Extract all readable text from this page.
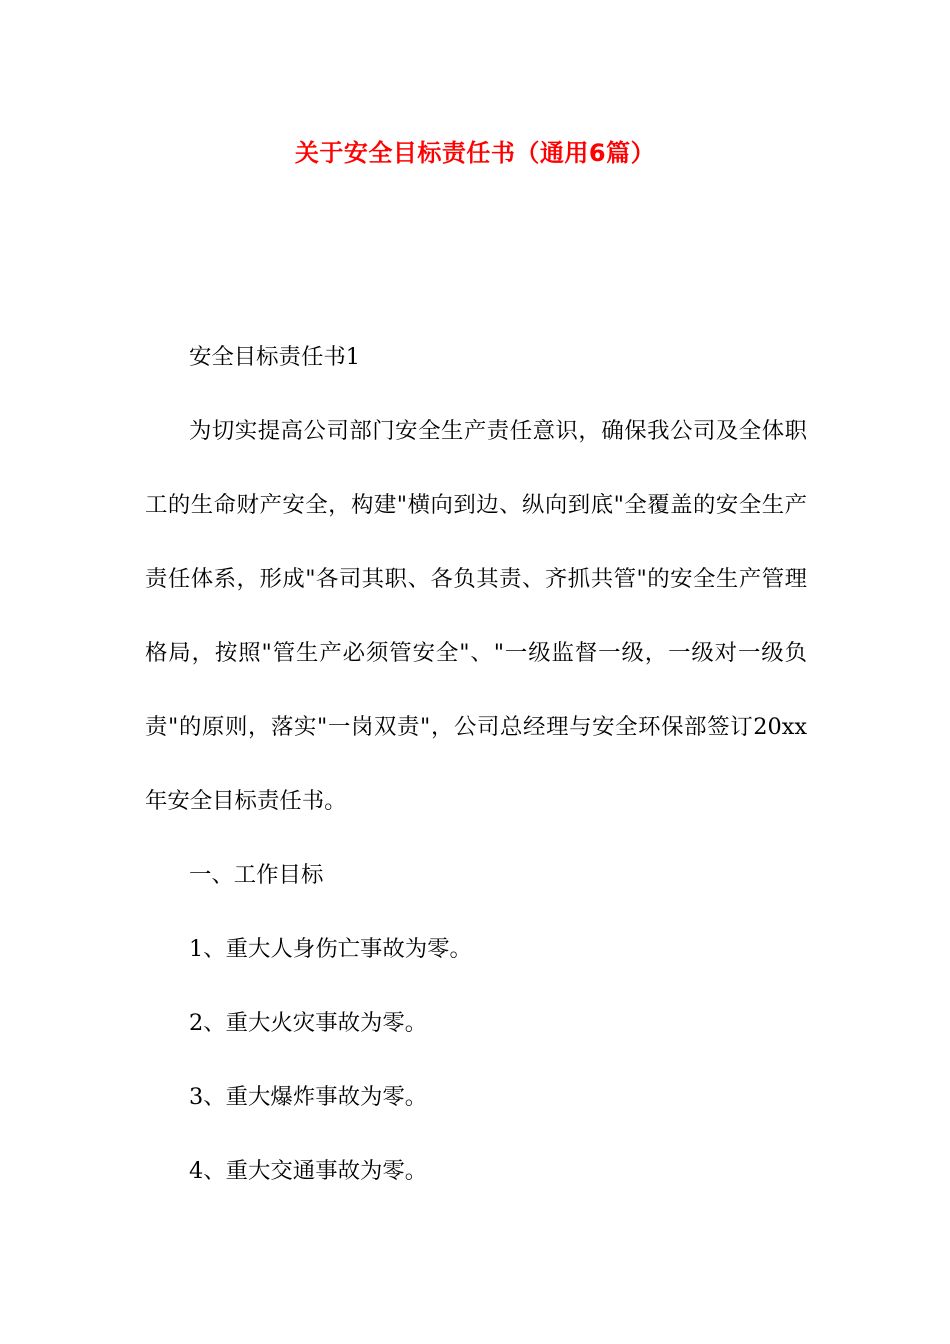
关于安全目标责任书（通用6篇）

安全目标责任书1

为切实提高公司部门安全生产责任意识，确保我公司及全体职工的生命财产安全，构建"横向到边、纵向到底"全覆盖的安全生产责任体系，形成"各司其职、各负其责、齐抓共管"的安全生产管理格局，按照"管生产必须管安全"、"一级监督一级，一级对一级负责"的原则，落实"一岗双责"，公司总经理与安全环保部签订20xx年安全目标责任书。

一、工作目标

1、重大人身伤亡事故为零。

2、重大火灾事故为零。

3、重大爆炸事故为零。

4、重大交通事故为零。
